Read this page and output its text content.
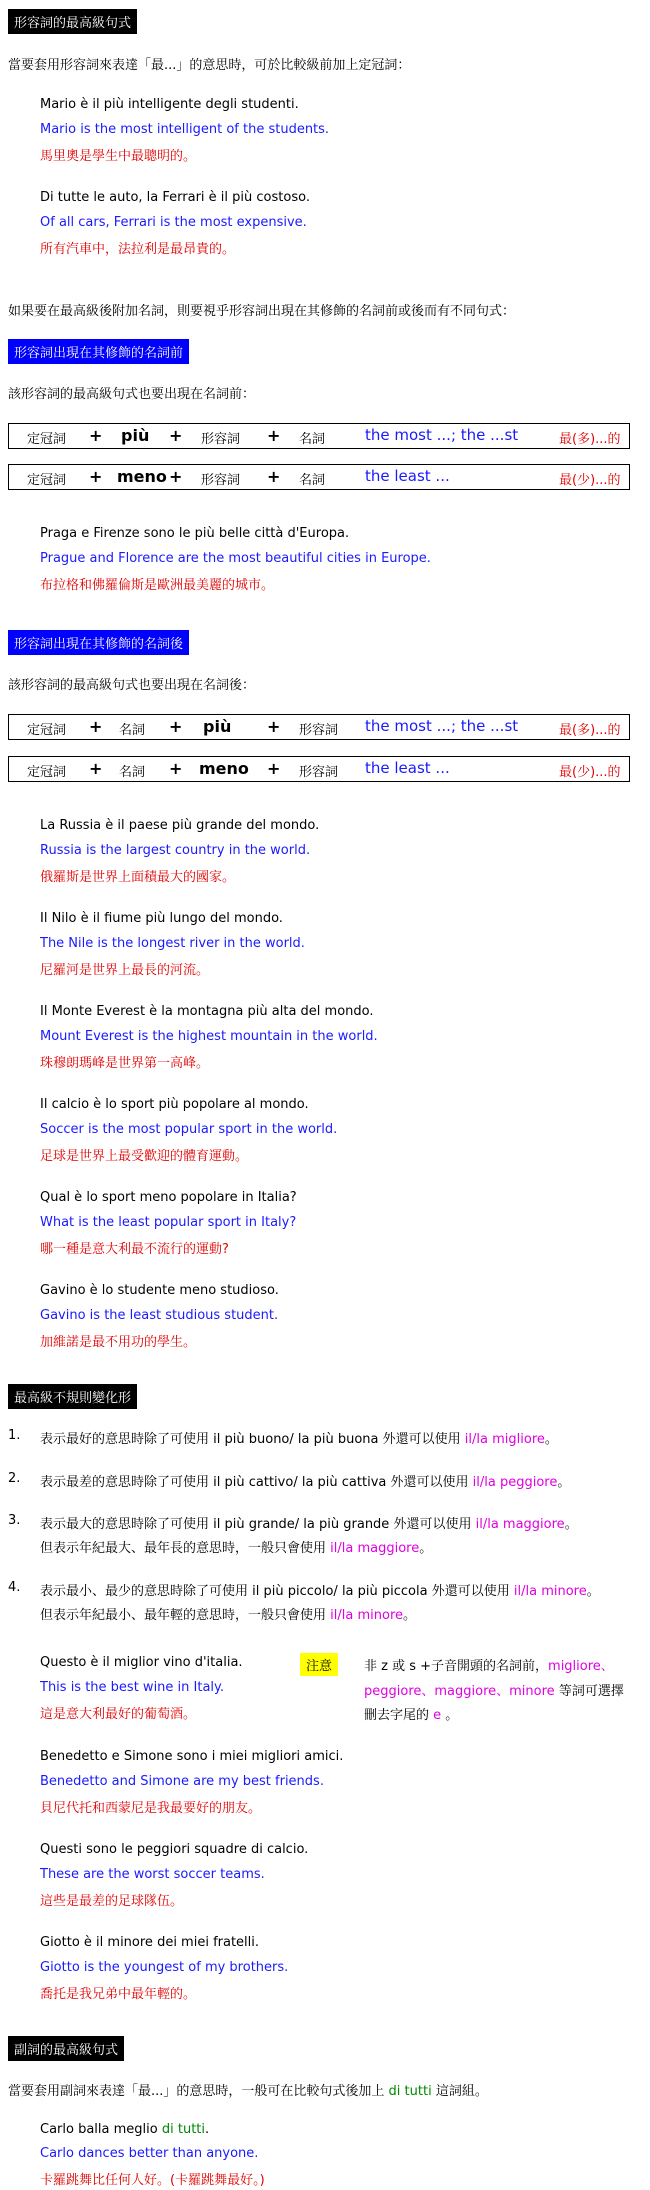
形容詞的最高級句式
當要套用形容詞來表達「最...」的意思時，可於比較級前加上定冠詞：
Mario è il più intelligente degli studenti.
Mario is the most intelligent of the students.
馬里奧是學生中最聰明的。
Di tutte le auto, la Ferrari è il più costoso.
Of all cars, Ferrari is the most expensive.
所有汽車中，法拉利是最昂貴的。
如果要在最高級後附加名詞，則要視乎形容詞出現在其修飾的名詞前或後而有不同句式：
形容詞出現在其修飾的名詞前
該形容詞的最高級句式也要出現在名詞前：
定冠詞 + più + 形容詞 + 名詞	the most ...; the ...st	最(多)...的
定冠詞 + meno + 形容詞 + 名詞	the least ...	最(少)...的
Praga e Firenze sono le più belle città d'Europa.
Prague and Florence are the most beautiful cities in Europe.
布拉格和佛羅倫斯是歐洲最美麗的城市。
形容詞出現在其修飾的名詞後
該形容詞的最高級句式也要出現在名詞後：
定冠詞 + 名詞 + più + 形容詞 the most ...; the ...st	最(多)...的
定冠詞 + 名詞 + meno + 形容詞 the least ...	最(少)...的
La Russia è il paese più grande del mondo.
Russia is the largest country in the world.
俄羅斯是世界上面積最大的國家。
Il Nilo è il fiume più lungo del mondo.
The Nile is the longest river in the world.
尼羅河是世界上最長的河流。
Il Monte Everest è la montagna più alta del mondo.
Mount Everest is the highest mountain in the world.
珠穆朗瑪峰是世界第一高峰。
Il calcio è lo sport più popolare al mondo.
Soccer is the most popular sport in the world.
足球是世界上最受歡迎的體育運動。
Qual è lo sport meno popolare in Italia?
What is the least popular sport in Italy?
哪一種是意大利最不流行的運動?
Gavino è lo studente meno studioso.
Gavino is the least studious student.
加維諾是最不用功的學生。
最高級不規則變化形
1. 表示最好的意思時除了可使用 il più buono/ la più buona 外還可以使用 il/la migliore。
2. 表示最差的意思時除了可使用 il più cattivo/ la più cattiva 外還可以使用 il/la peggiore。
3. 表示最大的意思時除了可使用 il più grande/ la più grande 外還可以使用 il/la maggiore。
但表示年紀最大、最年長的意思時，一般只會使用 il/la maggiore。
4. 表示最小、最少的意思時除了可使用 il più piccolo/ la più piccola 外還可以使用 il/la minore。
但表示年紀最小、最年輕的意思時，一般只會使用 il/la minore。
Questo è il miglior vino d'italia.
This is the best wine in Italy.
這是意大利最好的葡萄酒。
注意	非 z 或 s +子音開頭的名詞前，migliore、
peggiore、maggiore、minore 等詞可選擇
刪去字尾的 e 。
Benedetto e Simone sono i miei migliori amici.
Benedetto and Simone are my best friends.
貝尼代托和西蒙尼是我最要好的朋友。
Questi sono le peggiori squadre di calcio.
These are the worst soccer teams.
這些是最差的足球隊伍。
Giotto è il minore dei miei fratelli.
Giotto is the youngest of my brothers.
喬托是我兄弟中最年輕的。
副詞的最高級句式
當要套用副詞來表達「最...」的意思時，一般可在比較句式後加上 di tutti 這詞組。
Carlo balla meglio di tutti.
Carlo dances better than anyone.
卡羅跳舞比任何人好。(卡羅跳舞最好。)
